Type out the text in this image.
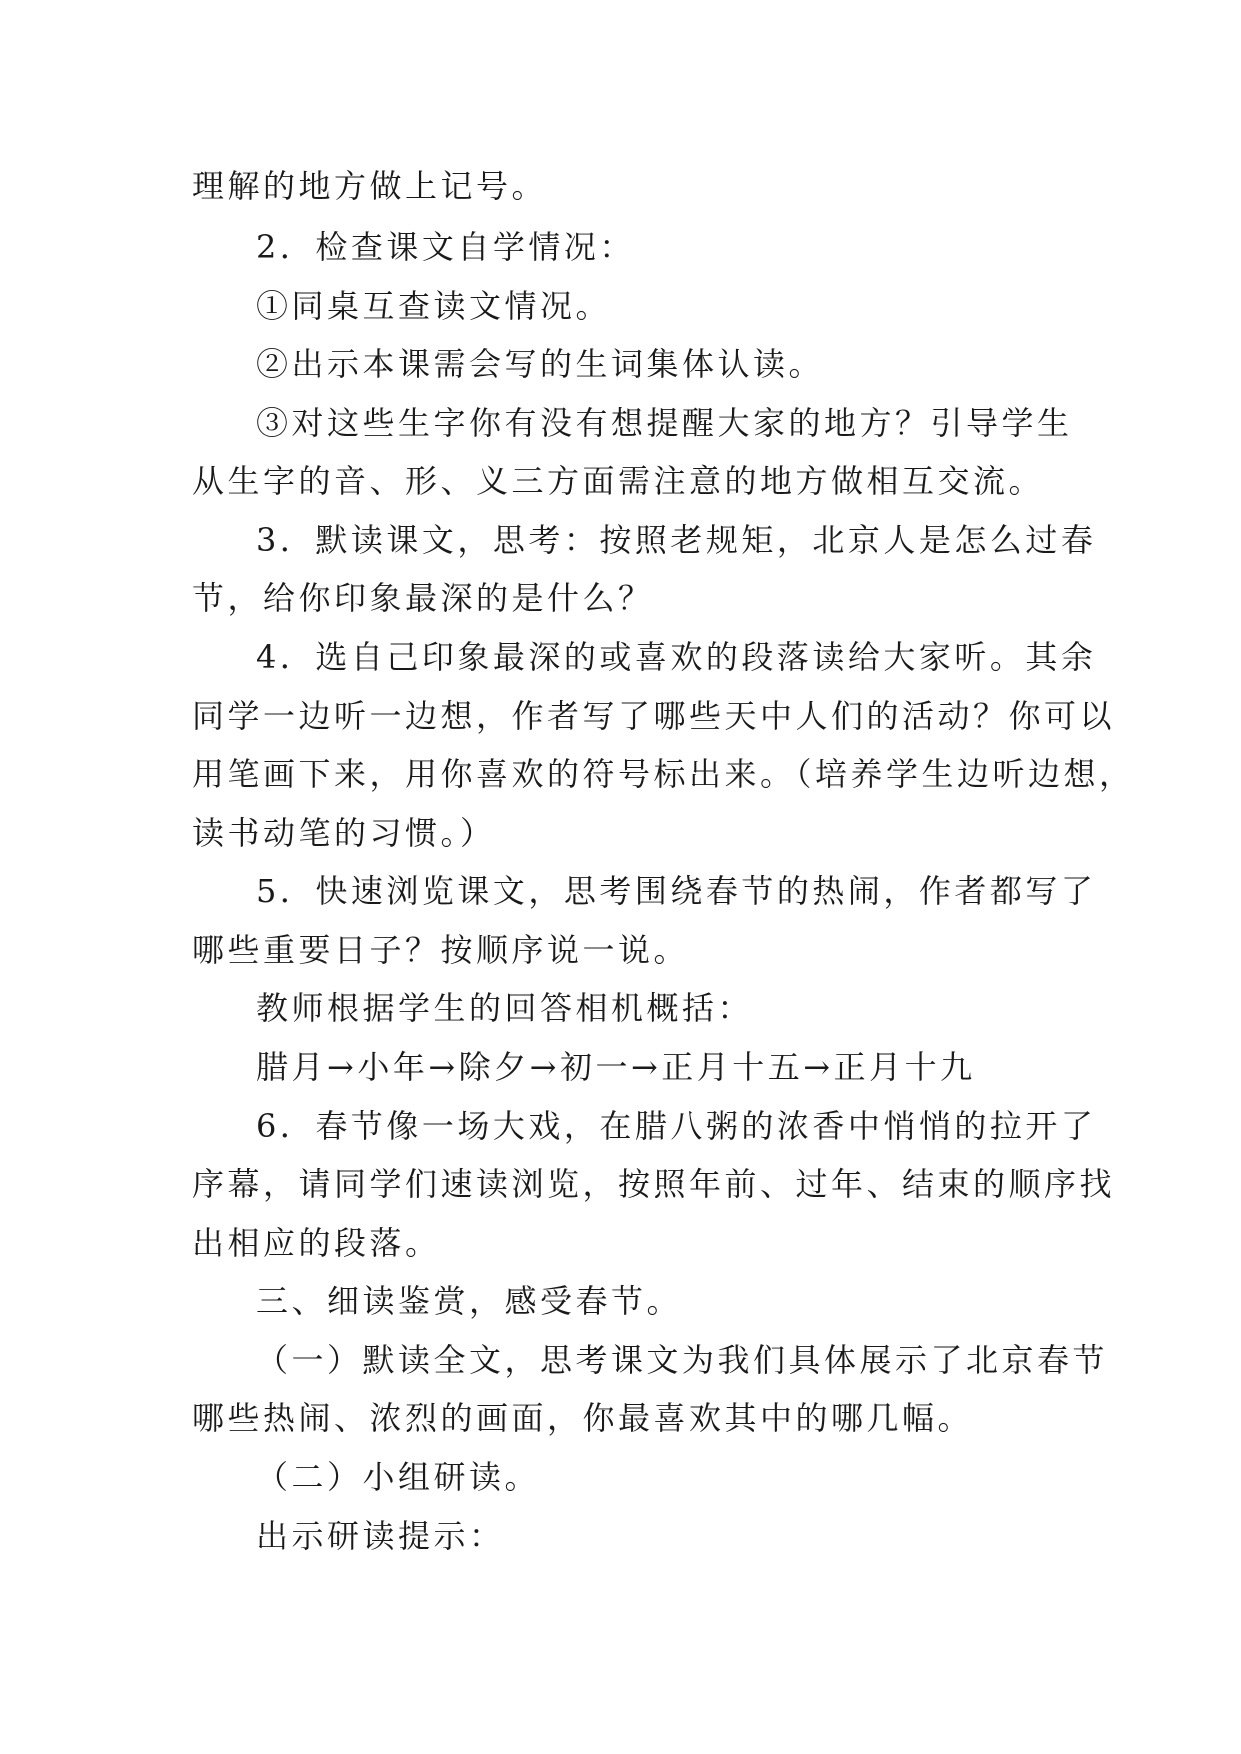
理解的地方做上记号。
2．检查课文自学情况：
①同桌互查读文情况。
②出示本课需会写的生词集体认读。
③对这些生字你有没有想提醒大家的地方？引导学生
从生字的音、形、义三方面需注意的地方做相互交流。
3．默读课文，思考：按照老规矩，北京人是怎么过春
节，给你印象最深的是什么？
4．选自己印象最深的或喜欢的段落读给大家听。其余
同学一边听一边想，作者写了哪些天中人们的活动？你可以
用笔画下来，用你喜欢的符号标出来。（培养学生边听边想，
读书动笔的习惯。）
5．快速浏览课文，思考围绕春节的热闹，作者都写了
哪些重要日子？按顺序说一说。
教师根据学生的回答相机概括：
腊月→小年→除夕→初一→正月十五→正月十九
6．春节像一场大戏，在腊八粥的浓香中悄悄的拉开了
序幕，请同学们速读浏览，按照年前、过年、结束的顺序找
出相应的段落。
三、细读鉴赏，感受春节。
（一）默读全文，思考课文为我们具体展示了北京春节
哪些热闹、浓烈的画面，你最喜欢其中的哪几幅。
（二）小组研读。
出示研读提示：
